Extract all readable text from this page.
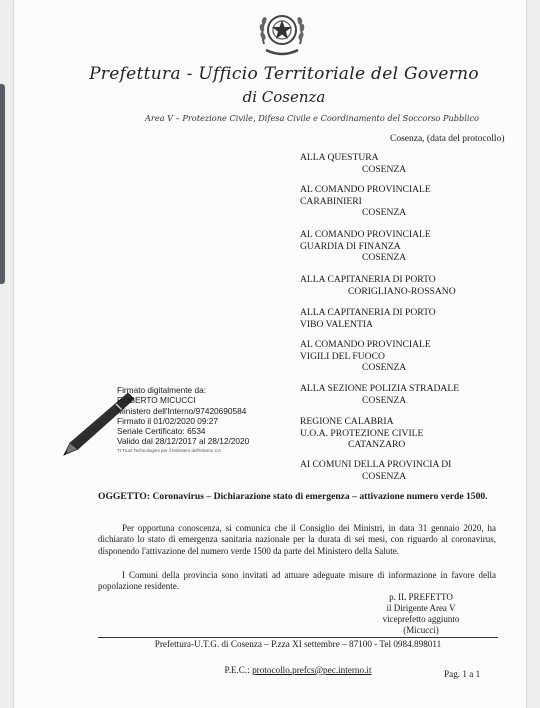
Prefettura - Ufficio Territoriale del Governo
di Cosenza
Area V – Protezione Civile, Difesa Civile e Coordinamento del Soccorso Pubblico
Cosenza, (data del protocollo)
ALLA QUESTURA
COSENZA
AL COMANDO PROVINCIALE
CARABINIERI
COSENZA
AL COMANDO PROVINCIALE
GUARDIA DI FINANZA
COSENZA
ALLA CAPITANERIA DI PORTO
CORIGLIANO-ROSSANO
ALLA CAPITANERIA DI PORTO
VIBO VALENTIA
AL COMANDO PROVINCIALE
VIGILI DEL FUOCO
COSENZA
ALLA SEZIONE POLIZIA STRADALE
COSENZA
REGIONE CALABRIA
U.O.A. PROTEZIONE CIVILE
CATANZARO
AI COMUNI DELLA PROVINCIA DI
COSENZA
Firmato digitalmente da:
ROBERTO MICUCCI
Ministero dell'Interno/97420690584
Firmato il 01/02/2020 09:27
Seriale Certificato: 6534
Valido dal 28/12/2017 al 28/12/2020
TI Trust Technologies per il Ministero dell'Interno CA
OGGETTO: Coronavirus – Dichiarazione stato di emergenza – attivazione numero verde 1500.
Per opportuna conoscenza, si comunica che il Consiglio dei Ministri, in data 31 gennaio 2020, ha dichiarato lo stato di emergenza sanitaria nazionale per la durata di sei mesi, con riguardo al coronavirus, disponendo l'attivazione del numero verde 1500 da parte del Ministero della Salute.
I Comuni della provincia sono invitati ad attuare adeguate misure di informazione in favore della popolazione residente.
p. IL PREFETTO
il Dirigente Area V
viceprefetto aggiunto
(Micucci)
Prefettura-U.T.G. di Cosenza – P.zza XI settembre – 87100 - Tel 0984.898011
P.E.C.: protocollo.prefcs@pec.interno.it	Pag. 1 a 1
